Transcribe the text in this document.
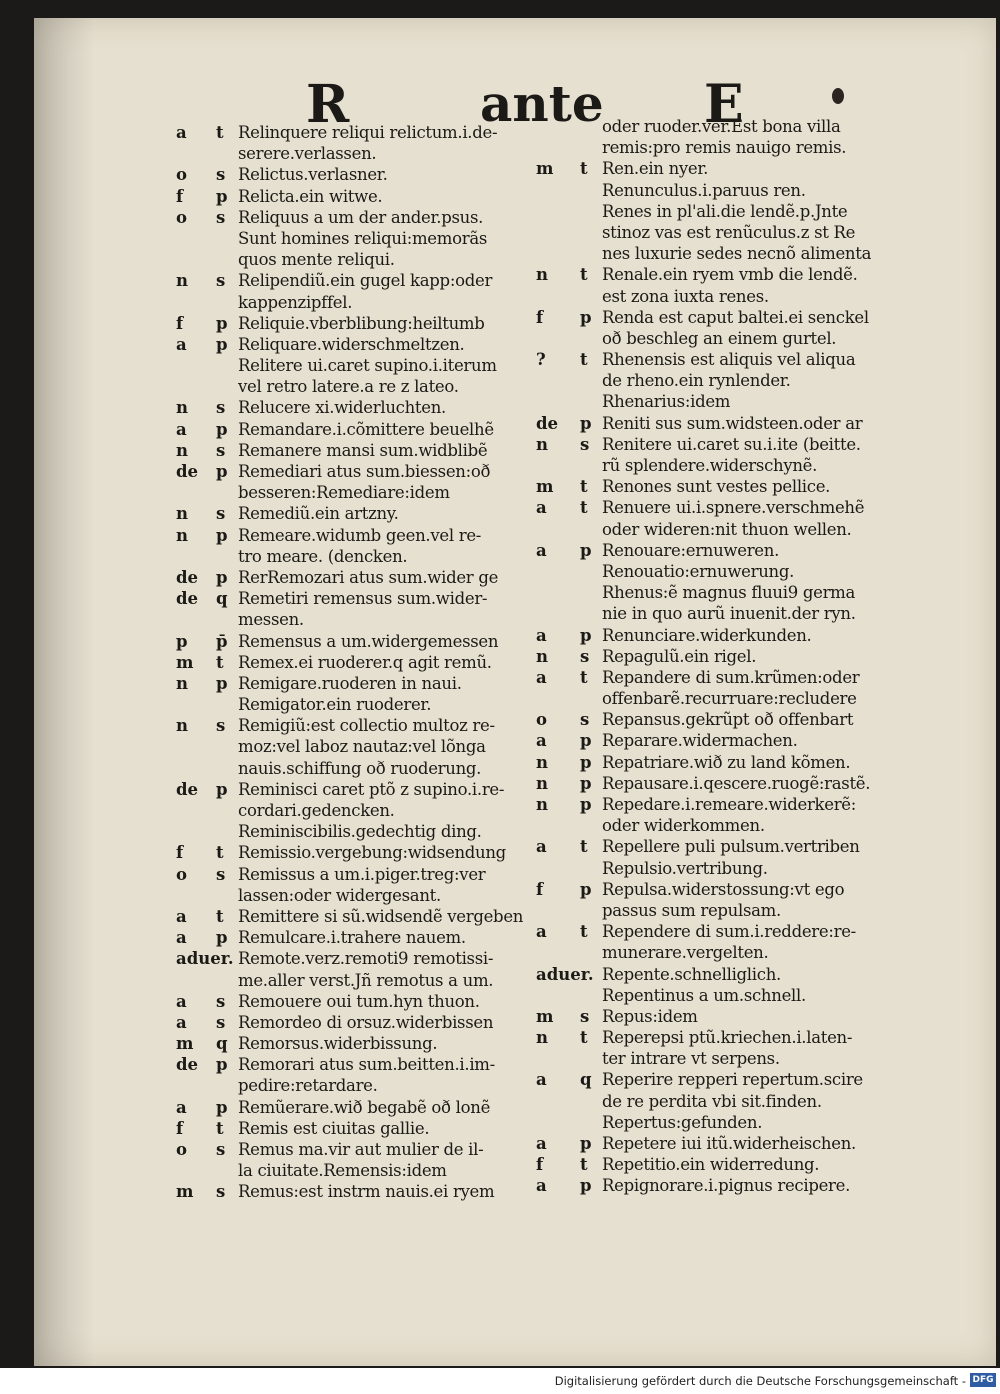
R	ante E
a	t Relinquere reliqui relictum.i.de-
serere.verlassen.
o	s Relictus.verlasner.
f	p Relicta.ein witwe.
o	s Reliquus a um der ander.psus.
Sunt homines reliqui:memorãs
quos mente reliqui.
n	s Relipendiũ.ein gugel kapp:oder
kappenzipffel.
f	p Reliquie.vberblibung:heiltumb
a	p Reliquare.widerschmeltzen.
Relitere ui.caret supino.i.iterum
vel retro latere.a re z lateo.
n	s Relucere xi.widerluchten.
a	p Remandare.i.cõmittere beuelhẽ
n	s Remanere mansi sum.widblibẽ
de	p Remediari atus sum.biessen:oð
besseren:Remediare:idem
n	s Remediũ.ein artzny.
n	p Remeare.widumb geen.vel re-
tro meare. (dencken.
de	p RerRemozari atus sum.wider ge
de	q Remetiri remensus sum.wider-
messen.
p	p̄ Remensus a um.widergemessen
m	t Remex.ei ruoderer.q agit remũ.
n	p Remigare.ruoderen in naui.
Remigator.ein ruoderer.
n	s Remigiũ:est collectio multoz re-
moz:vel laboz nautaz:vel lõnga
nauis.schiffung oð ruoderung.
de	p Reminisci caret ptõ z supino.i.re-
cordari.gedencken.
Reminiscibilis.gedechtig ding.
f	t Remissio.vergebung:widsendung
o	s Remissus a um.i.piger.treg:ver
lassen:oder widergesant.
a	t Remittere si sũ.widsendẽ vergeben
a	p Remulcare.i.trahere nauem.
aduer. Remote.verz.remoti9 remotissi-
me.aller verst.Jñ remotus a um.
a	s Remouere oui tum.hyn thuon.
a	s Remordeo di orsuz.widerbissen
m	q Remorsus.widerbissung.
de	p Remorari atus sum.beitten.i.im-
pedire:retardare.
a	p Remũerare.wið begabẽ oð lonẽ
f	t Remis est ciuitas gallie.
o	s Remus ma.vir aut mulier de il-
la ciuitate.Remensis:idem
m	s Remus:est instrm nauis.ei ryem
oder ruoder.ver.Est bona villa
remis:pro remis nauigo remis.
m	t Ren.ein nyer.
Renunculus.i.paruus ren.
Renes in pl'ali.die lendẽ.p.Jnte
stinoz vas est renũculus.z st Re
nes luxurie sedes necnõ alimenta
n	t Renale.ein ryem vmb die lendẽ.
est zona iuxta renes.
f	p Renda est caput baltei.ei senckel
oð beschleg an einem gurtel.
?	t Rhenensis est aliquis vel aliqua
de rheno.ein rynlender.
Rhenarius:idem
de	p Reniti sus sum.widsteen.oder ar
n	s Renitere ui.caret su.i.ite (beitte.
rũ splendere.widerschynẽ.
m	t Renones sunt vestes pellice.
a	t Renuere ui.i.spnere.verschmehẽ
oder wideren:nit thuon wellen.
a	p Renouare:ernuweren.
Renouatio:ernuwerung.
Rhenus:ẽ magnus fluui9 germa
nie in quo aurũ inuenit.der ryn.
a	p Renunciare.widerkunden.
n	s Repagulũ.ein rigel.
a	t Repandere di sum.krũmen:oder
offenbarẽ.recurruare:recludere
o	s Repansus.gekrũpt oð offenbart
a	p Reparare.widermachen.
n	p Repatriare.wið zu land kõmen.
n	p Repausare.i.qescere.ruogẽ:rastẽ.
n	p Repedare.i.remeare.widerkerẽ:
oder widerkommen.
a	t Repellere puli pulsum.vertriben
Repulsio.vertribung.
f	p Repulsa.widerstossung:vt ego
passus sum repulsam.
a	t Rependere di sum.i.reddere:re-
munerare.vergelten.
aduer. Repente.schnelliglich.
Repentinus a um.schnell.
m	s Repus:idem
n	t Reperepsi ptũ.kriechen.i.laten-
ter intrare vt serpens.
a	q Reperire repperi repertum.scire
de re perdita vbi sit.finden.
Repertus:gefunden.
a	p Repetere iui itũ.widerheischen.
f	t Repetitio.ein widerredung.
a	p Repignorare.i.pignus recipere.
Digitalisierung gefördert durch die Deutsche Forschungsgemeinschaft - DFG
